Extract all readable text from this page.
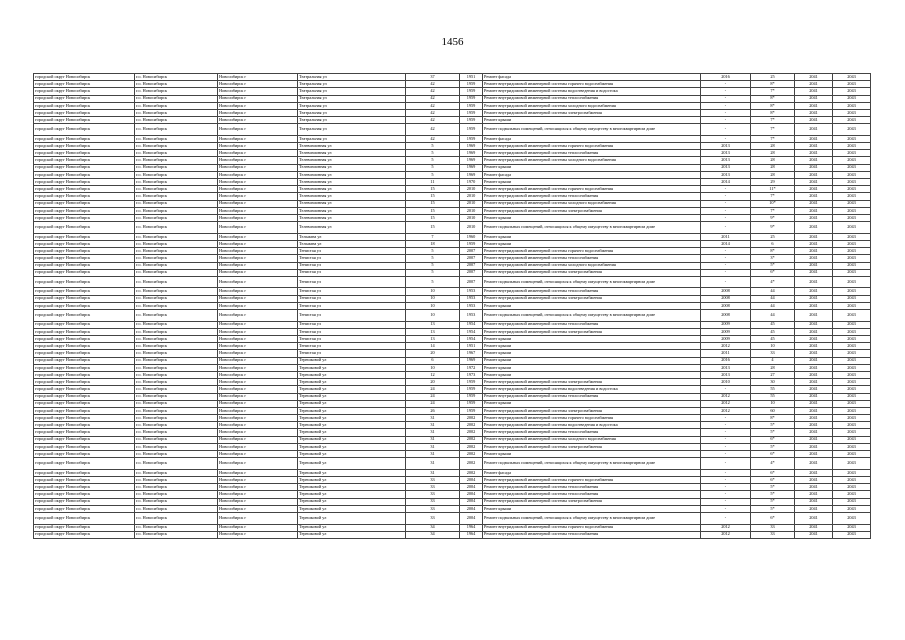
1456
городской округ Новосибирск	г.о. Новосибирск	Новосибирск г	Театральная ул	37	1951	Ремонт фасада	2016	25	2041	2043
городской округ Новосибирск	г.о. Новосибирск	Новосибирск г	Театральная ул	42	1959	Ремонт внутридомовой инженерной системы горячего водоснабжения	-	8*	2041	2043
городской округ Новосибирск	г.о. Новосибирск	Новосибирск г	Театральная ул	42	1959	Ремонт внутридомовой инженерной системы водоотведения и водостока	-	7*	2041	2043
городской округ Новосибирск	г.о. Новосибирск	Новосибирск г	Театральная ул	42	1959	Ремонт внутридомовой инженерной системы теплоснабжения	-	8*	2041	2043
городской округ Новосибирск	г.о. Новосибирск	Новосибирск г	Театральная ул	42	1959	Ремонт внутридомовой инженерной системы холодного водоснабжения	-	8*	2041	2043
городской округ Новосибирск	г.о. Новосибирск	Новосибирск г	Театральная ул	42	1959	Ремонт внутридомовой инженерной системы электроснабжения	-	8*	2041	2043
городской округ Новосибирск	г.о. Новосибирск	Новосибирск г	Театральная ул	42	1959	Ремонт крыши	-	7*	2041	2043
городской округ Новосибирск	г.о. Новосибирск	Новосибирск г	Театральная ул	42	1959	Ремонт подвальных помещений, относящихся к общему имуществу в многоквартирном доме	-	7*	2041	2043
городской округ Новосибирск	г.о. Новосибирск	Новосибирск г	Театральная ул	42	1959	Ремонт фасада	-	7*	2041	2043
городской округ Новосибирск	г.о. Новосибирск	Новосибирск г	Телевизионная ул	5	1969	Ремонт внутридомовой инженерной системы горячего водоснабжения	2013	28	2041	2043
городской округ Новосибирск	г.о. Новосибирск	Новосибирск г	Телевизионная ул	5	1969	Ремонт внутридомовой инженерной системы теплоснабжения	2013	28	2041	2043
городской округ Новосибирск	г.о. Новосибирск	Новосибирск г	Телевизионная ул	5	1969	Ремонт внутридомовой инженерной системы холодного водоснабжения	2013	28	2041	2043
городской округ Новосибирск	г.о. Новосибирск	Новосибирск г	Телевизионная ул	5	1969	Ремонт крыши	2013	28	2041	2043
городской округ Новосибирск	г.о. Новосибирск	Новосибирск г	Телевизионная ул	5	1969	Ремонт фасада	2013	28	2041	2043
городской округ Новосибирск	г.о. Новосибирск	Новосибирск г	Телевизионная ул	11	1970	Ремонт крыши	2014	29	2041	2043
городской округ Новосибирск	г.о. Новосибирск	Новосибирск г	Телевизионная ул	15	2010	Ремонт внутридомовой инженерной системы горячего водоснабжения	-	11*	2041	2043
городской округ Новосибирск	г.о. Новосибирск	Новосибирск г	Телевизионная ул	15	2010	Ремонт внутридомовой инженерной системы теплоснабжения	-	7*	2041	2043
городской округ Новосибирск	г.о. Новосибирск	Новосибирск г	Телевизионная ул	15	2010	Ремонт внутридомовой инженерной системы холодного водоснабжения	-	10*	2041	2043
городской округ Новосибирск	г.о. Новосибирск	Новосибирск г	Телевизионная ул	15	2010	Ремонт внутридомовой инженерной системы электроснабжения	-	7*	2041	2043
городской округ Новосибирск	г.о. Новосибирск	Новосибирск г	Телевизионная ул	15	2010	Ремонт крыши	-	9*	2041	2043
городской округ Новосибирск	г.о. Новосибирск	Новосибирск г	Телевизионная ул	15	2010	Ремонт подвальных помещений, относящихся к общему имуществу в многоквартирном доме	-	9*	2041	2043
городской округ Новосибирск	г.о. Новосибирск	Новосибирск г	Тельмана ул	7	1960	Ремонт крыши	2011	25	2041	2043
городской округ Новосибирск	г.о. Новосибирск	Новосибирск г	Тельмана ул	18	1959	Ремонт крыши	2014	6	2041	2043
городской округ Новосибирск	г.о. Новосибирск	Новосибирск г	Тенистая ул	5	2007	Ремонт внутридомовой инженерной системы горячего водоснабжения	-	8*	2041	2043
городской округ Новосибирск	г.о. Новосибирск	Новосибирск г	Тенистая ул	5	2007	Ремонт внутридомовой инженерной системы теплоснабжения	-	3*	2041	2043
городской округ Новосибирск	г.о. Новосибирск	Новосибирск г	Тенистая ул	5	2007	Ремонт внутридомовой инженерной системы холодного водоснабжения	-	5*	2041	2043
городской округ Новосибирск	г.о. Новосибирск	Новосибирск г	Тенистая ул	5	2007	Ремонт внутридомовой инженерной системы электроснабжения	-	6*	2041	2043
городской округ Новосибирск	г.о. Новосибирск	Новосибирск г	Тенистая ул	5	2007	Ремонт подвальных помещений, относящихся к общему имуществу в многоквартирном доме	-	4*	2041	2043
городской округ Новосибирск	г.о. Новосибирск	Новосибирск г	Тенистая ул	10	1953	Ремонт внутридомовой инженерной системы теплоснабжения	2008	44	2041	2043
городской округ Новосибирск	г.о. Новосибирск	Новосибирск г	Тенистая ул	10	1953	Ремонт внутридомовой инженерной системы электроснабжения	2008	44	2041	2043
городской округ Новосибирск	г.о. Новосибирск	Новосибирск г	Тенистая ул	10	1953	Ремонт крыши	2008	44	2041	2043
городской округ Новосибирск	г.о. Новосибирск	Новосибирск г	Тенистая ул	10	1953	Ремонт подвальных помещений, относящихся к общему имуществу в многоквартирном доме	2008	44	2041	2043
городской округ Новосибирск	г.о. Новосибирск	Новосибирск г	Тенистая ул	13	1954	Ремонт внутридомовой инженерной системы теплоснабжения	2009	45	2041	2043
городской округ Новосибирск	г.о. Новосибирск	Новосибирск г	Тенистая ул	13	1954	Ремонт внутридомовой инженерной системы электроснабжения	2009	45	2041	2043
городской округ Новосибирск	г.о. Новосибирск	Новосибирск г	Тенистая ул	13	1954	Ремонт крыши	2009	45	2041	2043
городской округ Новосибирск	г.о. Новосибирск	Новосибирск г	Тенистая ул	14	1951	Ремонт крыши	2012	10	2041	2043
городской округ Новосибирск	г.о. Новосибирск	Новосибирск г	Тенистая ул	20	1967	Ремонт крыши	2011	33	2041	2043
городской округ Новосибирск	г.о. Новосибирск	Новосибирск г	Терешковой ул	6	1969	Ремонт крыши	2016	4	2041	2043
городской округ Новосибирск	г.о. Новосибирск	Новосибирск г	Терешковой ул	10	1972	Ремонт крыши	2013	28	2041	2043
городской округ Новосибирск	г.о. Новосибирск	Новосибирск г	Терешковой ул	12	1973	Ремонт крыши	2013	27	2041	2043
городской округ Новосибирск	г.о. Новосибирск	Новосибирск г	Терешковой ул	20	1959	Ремонт внутридомовой инженерной системы электроснабжения	2010	30	2041	2043
городской округ Новосибирск	г.о. Новосибирск	Новосибирск г	Терешковой ул	24	1959	Ремонт внутридомовой инженерной системы водоотведения и водостока	-	55	2041	2043
городской округ Новосибирск	г.о. Новосибирск	Новосибирск г	Терешковой ул	24	1959	Ремонт внутридомовой инженерной системы теплоснабжения	2012	55	2041	2043
городской округ Новосибирск	г.о. Новосибирск	Новосибирск г	Терешковой ул	24	1959	Ремонт крыши	2012	10	2041	2043
городской округ Новосибирск	г.о. Новосибирск	Новосибирск г	Терешковой ул	26	1959	Ремонт внутридомовой инженерной системы электроснабжения	2012	60	2041	2043
городской округ Новосибирск	г.о. Новосибирск	Новосибирск г	Терешковой ул	31	2002	Ремонт внутридомовой инженерной системы горячего водоснабжения	-	8*	2041	2043
городской округ Новосибирск	г.о. Новосибирск	Новосибирск г	Терешковой ул	31	2002	Ремонт внутридомовой инженерной системы водоотведения и водостока	-	5*	2041	2043
городской округ Новосибирск	г.о. Новосибирск	Новосибирск г	Терешковой ул	31	2002	Ремонт внутридомовой инженерной системы теплоснабжения	-	5*	2041	2043
городской округ Новосибирск	г.о. Новосибирск	Новосибирск г	Терешковой ул	31	2002	Ремонт внутридомовой инженерной системы холодного водоснабжения	-	6*	2041	2043
городской округ Новосибирск	г.о. Новосибирск	Новосибирск г	Терешковой ул	31	2002	Ремонт внутридомовой инженерной системы электроснабжения	-	5*	2041	2043
городской округ Новосибирск	г.о. Новосибирск	Новосибирск г	Терешковой ул	31	2002	Ремонт крыши	-	6*	2041	2043
городской округ Новосибирск	г.о. Новосибирск	Новосибирск г	Терешковой ул	31	2002	Ремонт подвальных помещений, относящихся к общему имуществу в многоквартирном доме	-	4*	2041	2043
городской округ Новосибирск	г.о. Новосибирск	Новосибирск г	Терешковой ул	31	2002	Ремонт фасада	-	6*	2041	2043
городской округ Новосибирск	г.о. Новосибирск	Новосибирск г	Терешковой ул	33	2004	Ремонт внутридомовой инженерной системы горячего водоснабжения	-	6*	2041	2043
городской округ Новосибирск	г.о. Новосибирск	Новосибирск г	Терешковой ул	33	2004	Ремонт внутридомовой инженерной системы теплоснабжения	-	5*	2041	2043
городской округ Новосибирск	г.о. Новосибирск	Новосибирск г	Терешковой ул	33	2004	Ремонт внутридомовой инженерной системы теплоснабжения	-	5*	2041	2043
городской округ Новосибирск	г.о. Новосибирск	Новосибирск г	Терешковой ул	33	2004	Ремонт внутридомовой инженерной системы электроснабжения	-	5*	2041	2043
городской округ Новосибирск	г.о. Новосибирск	Новосибирск г	Терешковой ул	33	2004	Ремонт крыши	-	5*	2041	2043
городской округ Новосибирск	г.о. Новосибирск	Новосибирск г	Терешковой ул	33	2004	Ремонт подвальных помещений, относящихся к общему имуществу в многоквартирном доме	-	6*	2041	2043
городской округ Новосибирск	г.о. Новосибирск	Новосибирск г	Терешковой ул	34	1964	Ремонт внутридомовой инженерной системы горячего водоснабжения	2012	33	2041	2043
городской округ Новосибирск	г.о. Новосибирск	Новосибирск г	Терешковой ул	34	1964	Ремонт внутридомовой инженерной системы теплоснабжения	2012	33	2041	2043
